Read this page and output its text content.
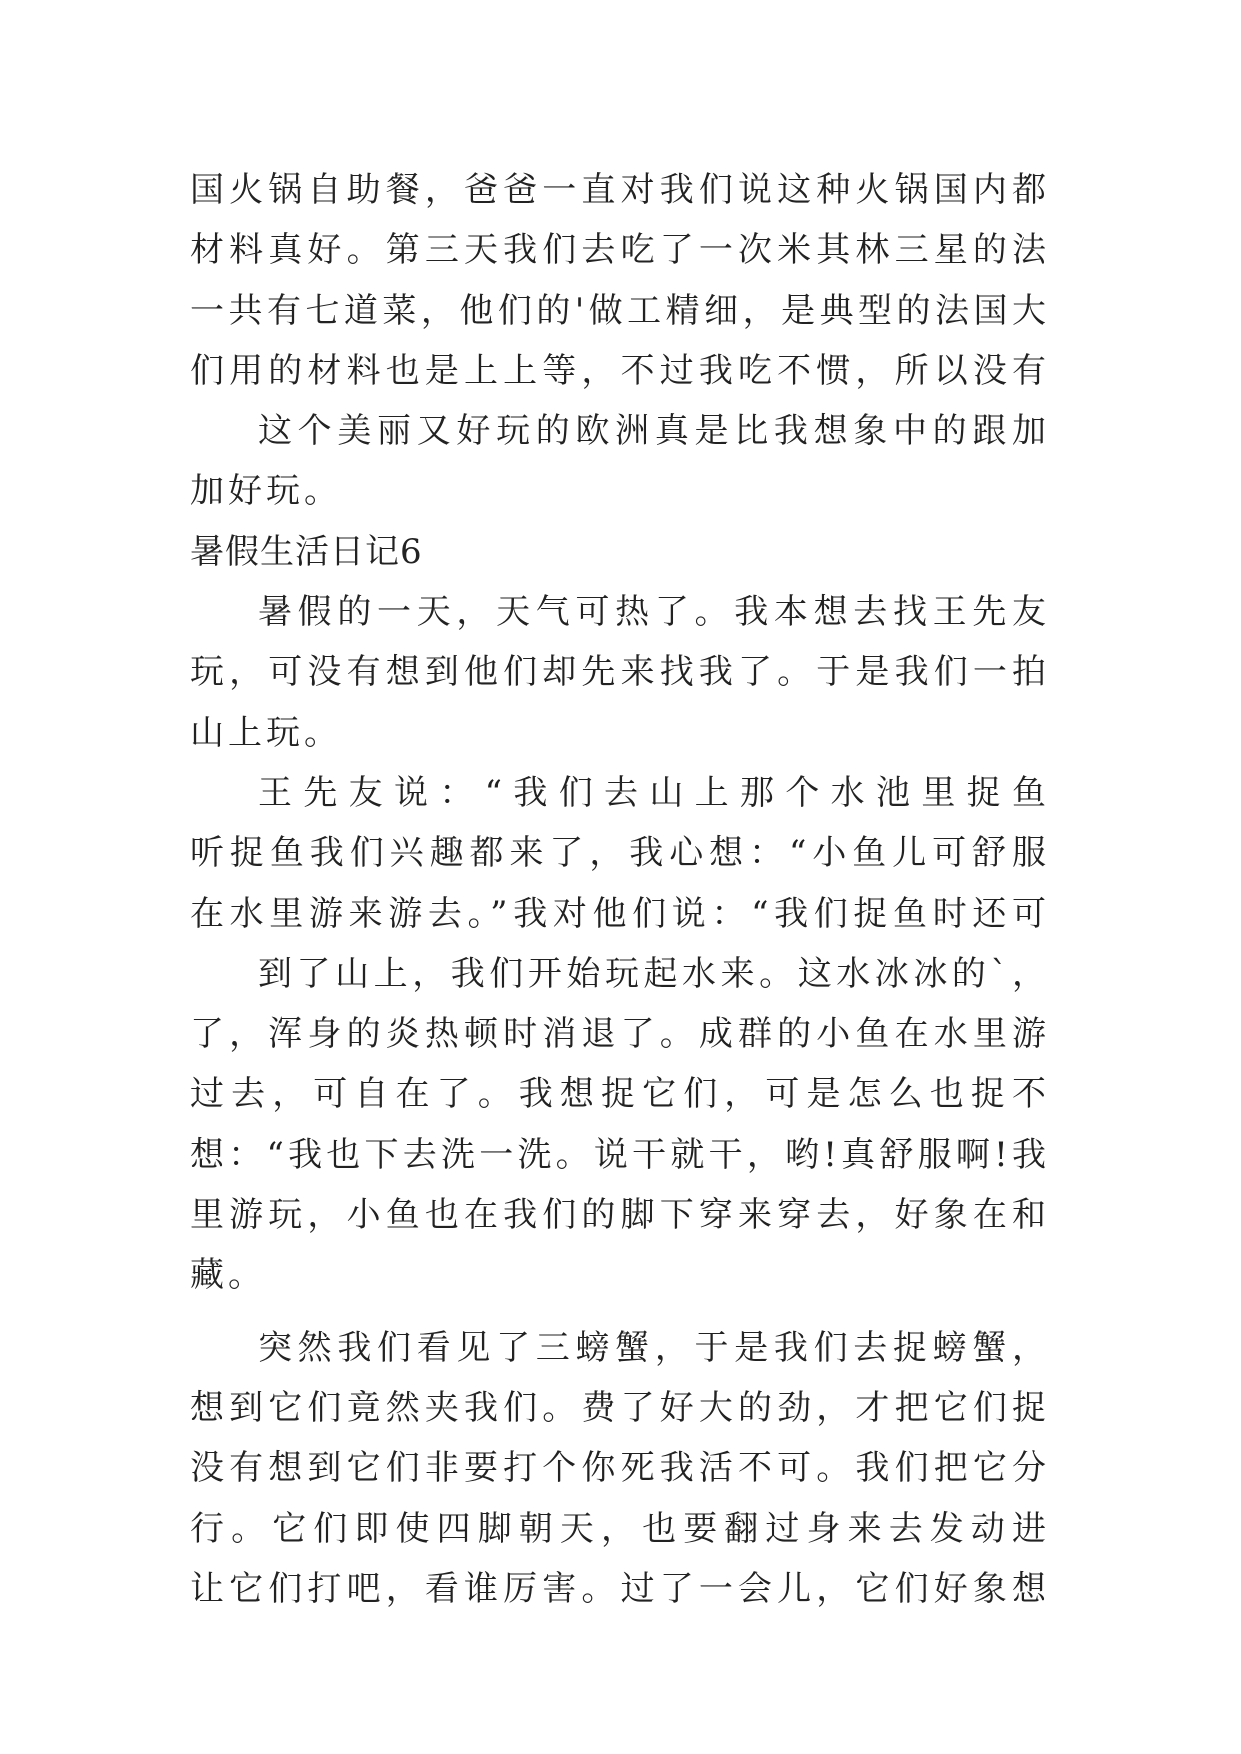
国火锅自助餐，爸爸一直对我们说这种火锅国内都
材料真好。第三天我们去吃了一次米其林三星的法
一共有七道菜，他们的'做工精细，是典型的法国大
们用的材料也是上上等，不过我吃不惯，所以没有
这个美丽又好玩的欧洲真是比我想象中的跟加
加好玩。
暑假生活日记6
暑假的一天，天气可热了。我本想去找王先友
玩，可没有想到他们却先来找我了。于是我们一拍
山上玩。
王先友说：“我们去山上那个水池里捉鱼
听捉鱼我们兴趣都来了，我心想：“小鱼儿可舒服
在水里游来游去。”我对他们说：“我们捉鱼时还可
到了山上，我们开始玩起水来。这水冰冰的`，
了，浑身的炎热顿时消退了。成群的小鱼在水里游
过去，可自在了。我想捉它们，可是怎么也捉不
想：“我也下去洗一洗。说干就干，哟!真舒服啊!我
里游玩，小鱼也在我们的脚下穿来穿去，好象在和
藏。
突然我们看见了三螃蟹，于是我们去捉螃蟹，
想到它们竟然夹我们。费了好大的劲，才把它们捉
没有想到它们非要打个你死我活不可。我们把它分
行。它们即使四脚朝天，也要翻过身来去发动进
让它们打吧，看谁厉害。过了一会儿，它们好象想
